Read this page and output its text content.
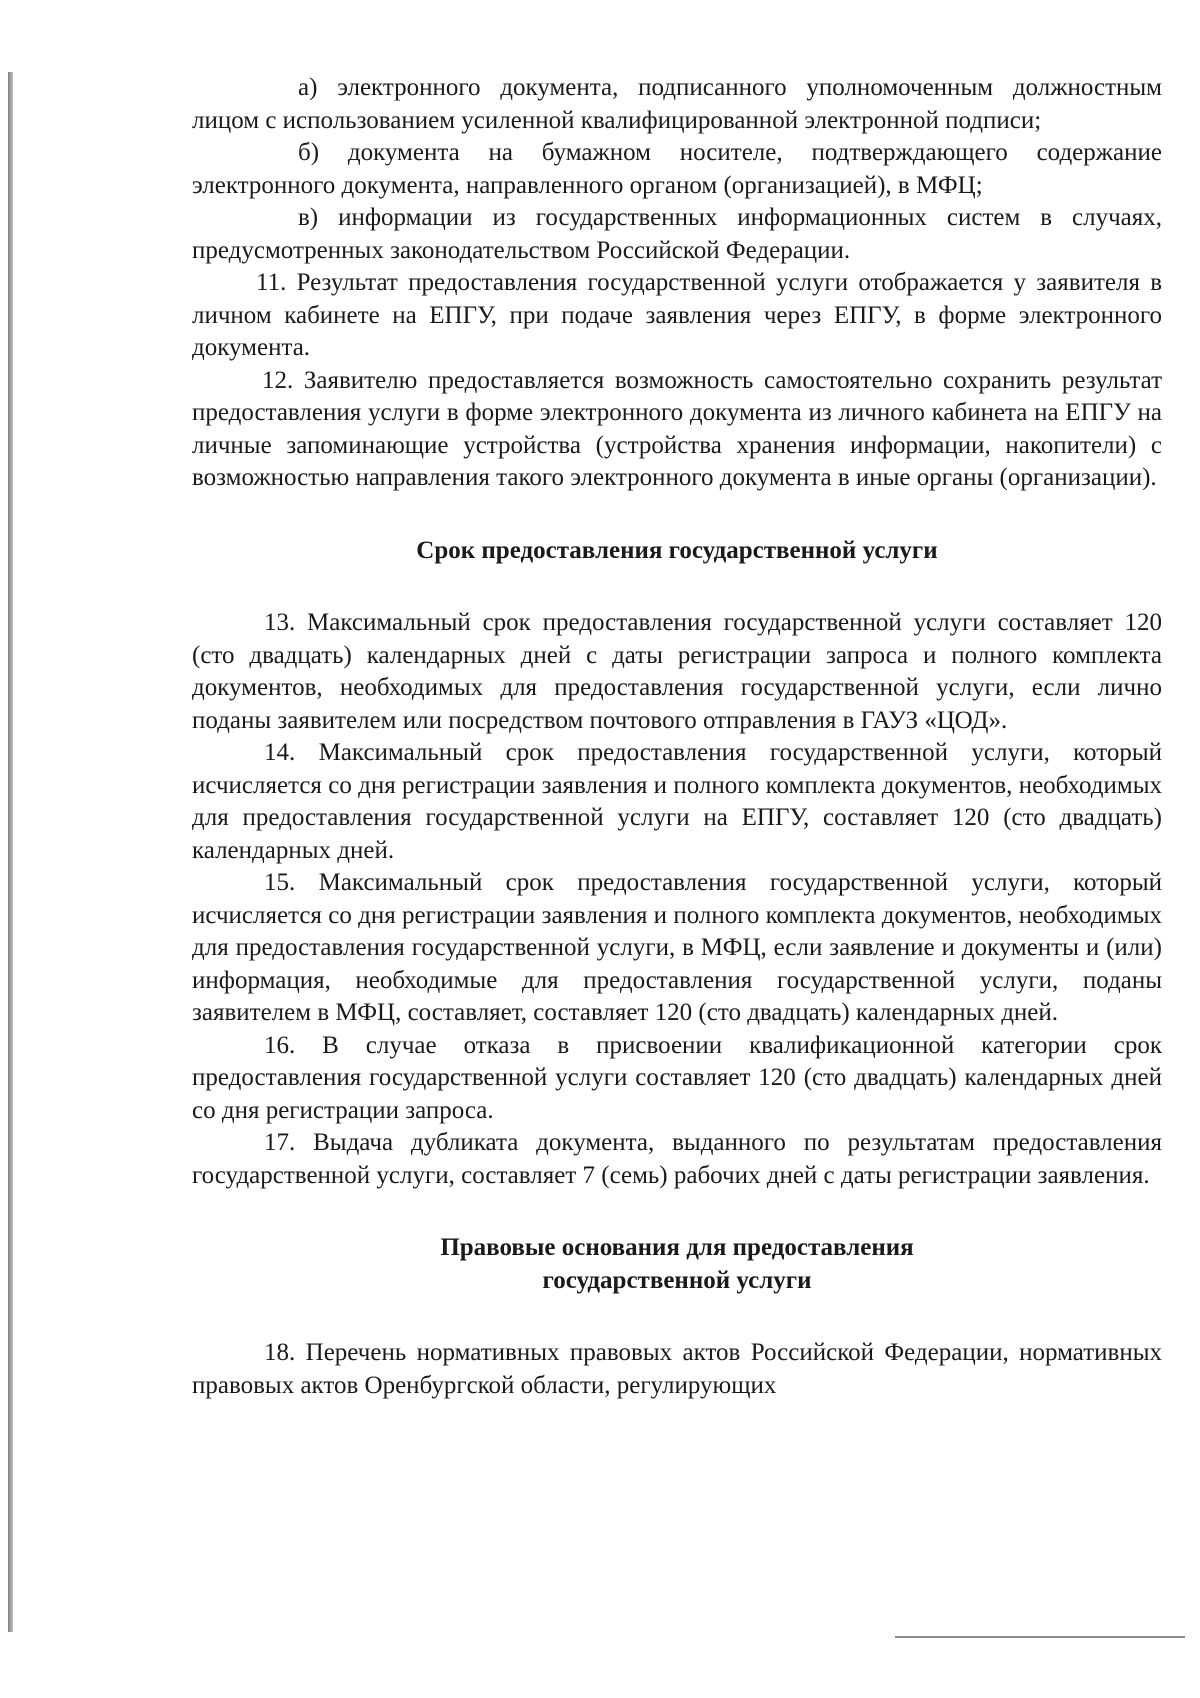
а) электронного документа, подписанного уполномоченным должностным лицом с использованием усиленной квалифицированной электронной подписи;

б) документа на бумажном носителе, подтверждающего содержание электронного документа, направленного органом (организацией), в МФЦ;

в) информации из государственных информационных систем в случаях, предусмотренных законодательством Российской Федерации.

11. Результат предоставления государственной услуги отображается у заявителя в личном кабинете на ЕПГУ, при подаче заявления через ЕПГУ, в форме электронного документа.

12. Заявителю предоставляется возможность самостоятельно сохранить результат предоставления услуги в форме электронного документа из личного кабинета на ЕПГУ на личные запоминающие устройства (устройства хранения информации, накопители) с возможностью направления такого электронного документа в иные органы (организации).

Срок предоставления государственной услуги

13. Максимальный срок предоставления государственной услуги составляет 120 (сто двадцать) календарных дней с даты регистрации запроса и полного комплекта документов, необходимых для предоставления государственной услуги, если лично поданы заявителем или посредством почтового отправления в ГАУЗ «ЦОД».

14. Максимальный срок предоставления государственной услуги, который исчисляется со дня регистрации заявления и полного комплекта документов, необходимых для предоставления государственной услуги на ЕПГУ, составляет 120 (сто двадцать) календарных дней.

15. Максимальный срок предоставления государственной услуги, который исчисляется со дня регистрации заявления и полного комплекта документов, необходимых для предоставления государственной услуги, в МФЦ, если заявление и документы и (или) информация, необходимые для предоставления государственной услуги, поданы заявителем в МФЦ, составляет, составляет 120 (сто двадцать) календарных дней.

16. В случае отказа в присвоении квалификационной категории срок предоставления государственной услуги составляет 120 (сто двадцать) календарных дней со дня регистрации запроса.

17. Выдача дубликата документа, выданного по результатам предоставления государственной услуги, составляет 7 (семь) рабочих дней с даты регистрации заявления.

Правовые основания для предоставления

государственной услуги

18. Перечень нормативных правовых актов Российской Федерации, нормативных правовых актов Оренбургской области, регулирующих
